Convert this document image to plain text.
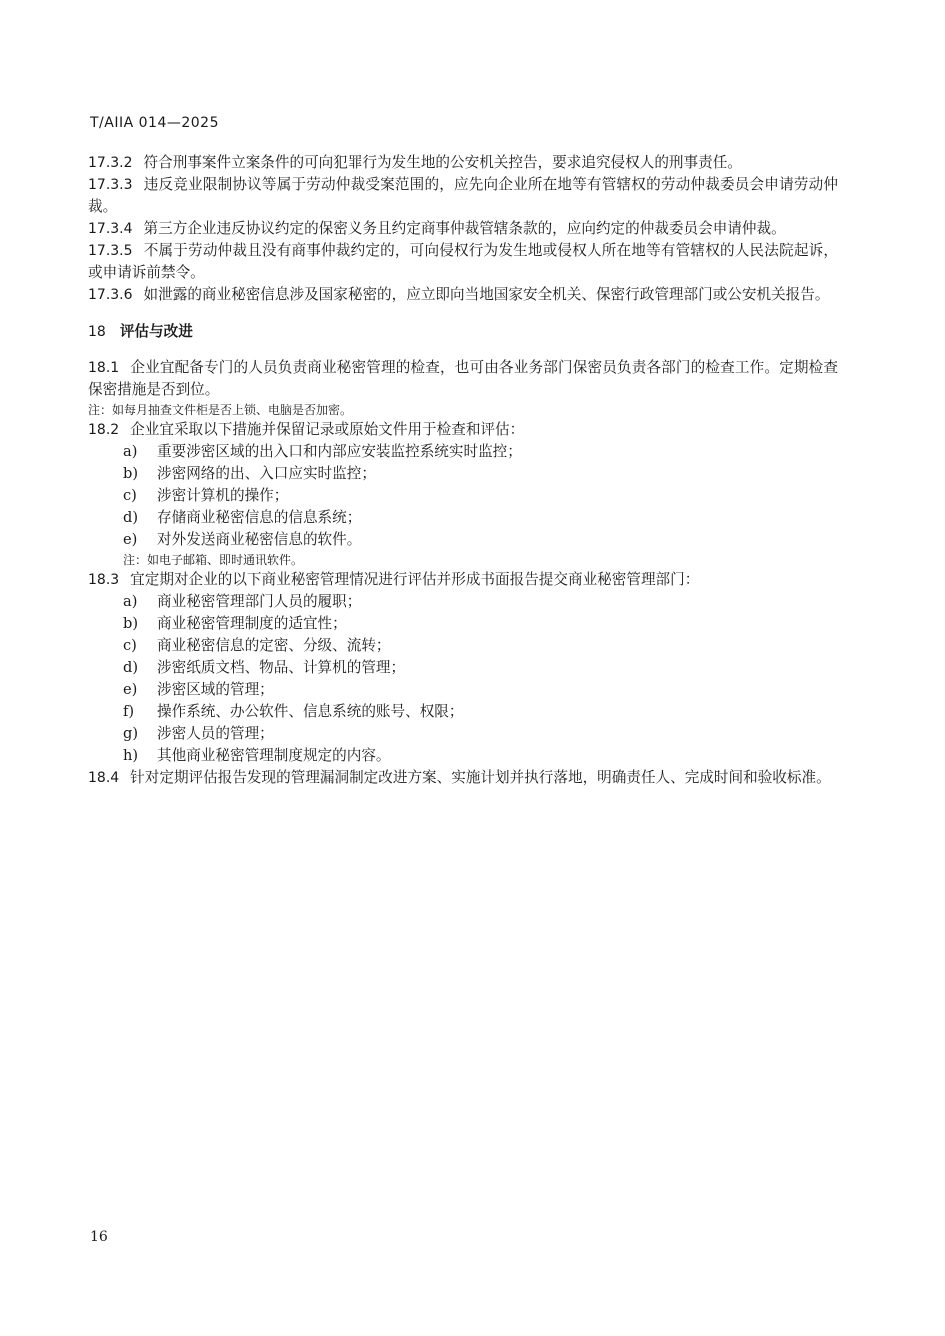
T/AIIA 014—2025

17.3.2 符合刑事案件立案条件的可向犯罪行为发生地的公安机关控告，要求追究侵权人的刑事责任。

17.3.3 违反竞业限制协议等属于劳动仲裁受案范围的，应先向企业所在地等有管辖权的劳动仲裁委员会申请劳动仲裁。

17.3.4 第三方企业违反协议约定的保密义务且约定商事仲裁管辖条款的，应向约定的仲裁委员会申请仲裁。

17.3.5 不属于劳动仲裁且没有商事仲裁约定的，可向侵权行为发生地或侵权人所在地等有管辖权的人民法院起诉，或申请诉前禁令。

17.3.6 如泄露的商业秘密信息涉及国家秘密的，应立即向当地国家安全机关、保密行政管理部门或公安机关报告。

18 评估与改进

18.1 企业宜配备专门的人员负责商业秘密管理的检查，也可由各业务部门保密员负责各部门的检查工作。定期检查保密措施是否到位。

注：如每月抽查文件柜是否上锁、电脑是否加密。

18.2 企业宜采取以下措施并保留记录或原始文件用于检查和评估：

a) 重要涉密区域的出入口和内部应安装监控系统实时监控；

b) 涉密网络的出、入口应实时监控；

c) 涉密计算机的操作；

d) 存储商业秘密信息的信息系统；

e) 对外发送商业秘密信息的软件。

注：如电子邮箱、即时通讯软件。

18.3 宜定期对企业的以下商业秘密管理情况进行评估并形成书面报告提交商业秘密管理部门：

a) 商业秘密管理部门人员的履职；

b) 商业秘密管理制度的适宜性；

c) 商业秘密信息的定密、分级、流转；

d) 涉密纸质文档、物品、计算机的管理；

e) 涉密区域的管理；

f) 操作系统、办公软件、信息系统的账号、权限；

g) 涉密人员的管理；

h) 其他商业秘密管理制度规定的内容。

18.4 针对定期评估报告发现的管理漏洞制定改进方案、实施计划并执行落地，明确责任人、完成时间和验收标准。

16
